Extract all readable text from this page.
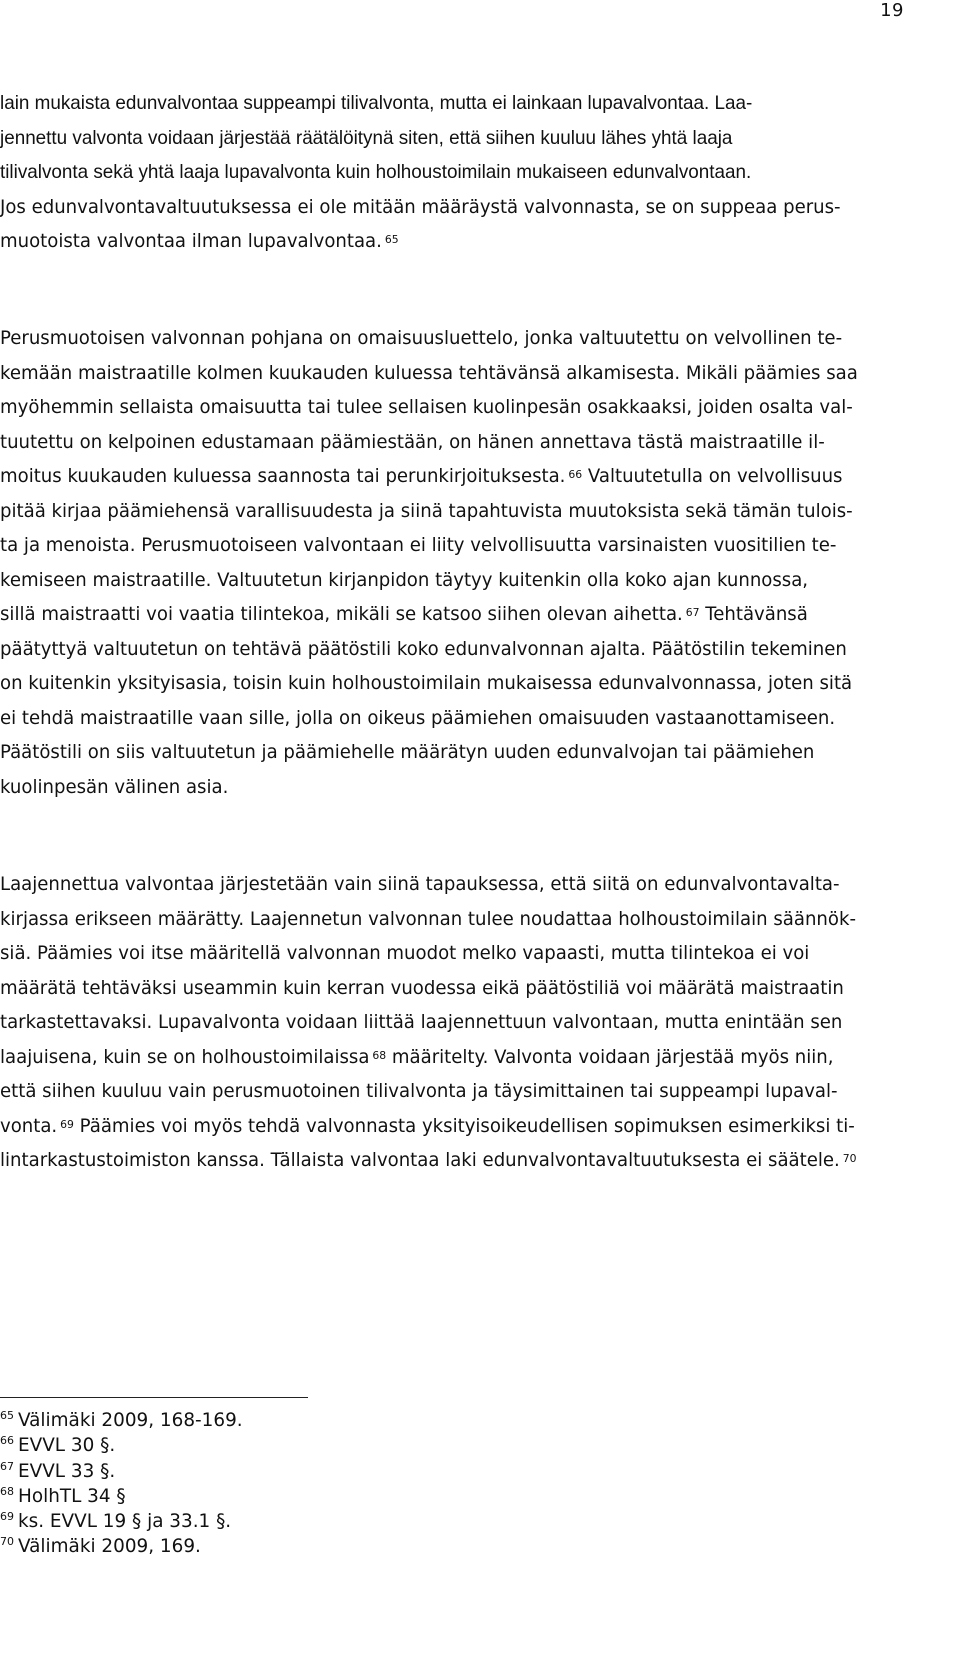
19
lain mukaista edunvalvontaa suppeampi tilivalvonta, mutta ei lainkaan lupavalvontaa. Laa-
jennettu valvonta voidaan järjestää räätälöitynä siten, että siihen kuuluu lähes yhtä laaja
tilivalvonta sekä yhtä laaja lupavalvonta kuin holhoustoimilain mukaiseen edunvalvontaan.
Jos edunvalvontavaltuutuksessa ei ole mitään määräystä valvonnasta, se on suppeaa perus-
muotoista valvontaa ilman lupavalvontaa. $^{65}$
Perusmuotoisen valvonnan pohjana on omaisuusluettelo, jonka valtuutettu on velvollinen te-
kemään maistraatille kolmen kuukauden kuluessa tehtävänsä alkamisesta. Mikäli päämies saa
myöhemmin sellaista omaisuutta tai tulee sellaisen kuolinpesän osakkaaksi, joiden osalta val-
tuutettu on kelpoinen edustamaan päämiestään, on hänen annettava tästä maistraatille il-
moitus kuukauden kuluessa saannosta tai perunkirjoituksesta. $^{66}$ Valtuutetulla on velvollisuus
pitää kirjaa päämiehensä varallisuudesta ja siinä tapahtuvista muutoksista sekä tämän tulois-
ta ja menoista. Perusmuotoiseen valvontaan ei liity velvollisuutta varsinaisten vuositilien te-
kemiseen maistraatille. Valtuutetun kirjanpidon täytyy kuitenkin olla koko ajan kunnossa,
sillä maistraatti voi vaatia tilintekoa, mikäli se katsoo siihen olevan aihetta. $^{67}$ Tehtävänsä
päätyttyä valtuutetun on tehtävä päätöstili koko edunvalvonnan ajalta. Päätöstilin tekeminen
on kuitenkin yksityisasia, toisin kuin holhoustoimilain mukaisessa edunvalvonnassa, joten sitä
ei tehdä maistraatille vaan sille, jolla on oikeus päämiehen omaisuuden vastaanottamiseen.
Päätöstili on siis valtuutetun ja päämiehelle määrätyn uuden edunvalvojan tai päämiehen
kuolinpesän välinen asia.
Laajennettua valvontaa järjestetään vain siinä tapauksessa, että siitä on edunvalvontavalta-
kirjassa erikseen määrätty. Laajennetun valvonnan tulee noudattaa holhoustoimilain säännök-
siä. Päämies voi itse määritellä valvonnan muodot melko vapaasti, mutta tilintekoa ei voi
määrätä tehtäväksi useammin kuin kerran vuodessa eikä päätöstiliä voi määrätä maistraatin
tarkastettavaksi. Lupavalvonta voidaan liittää laajennettuun valvontaan, mutta enintään sen
laajuisena, kuin se on holhoustoimilaissa $^{68}$ määritelty. Valvonta voidaan järjestää myös niin,
että siihen kuuluu vain perusmuotoinen tilivalvonta ja täysimittainen tai suppeampi lupaval-
vonta. $^{69}$ Päämies voi myös tehdä valvonnasta yksityisoikeudellisen sopimuksen esimerkiksi ti-
lintarkastustoimiston kanssa. Tällaista valvontaa laki edunvalvontavaltuutuksesta ei säätele. $^{70}$
$^{65}$ Välimäki 2009, 168-169.
$^{66}$ EVVL 30 §.
$^{67}$ EVVL 33 §.
$^{68}$ HolhTL 34 §
$^{69}$ ks. EVVL 19 § ja 33.1 §.
$^{70}$ Välimäki 2009, 169.
